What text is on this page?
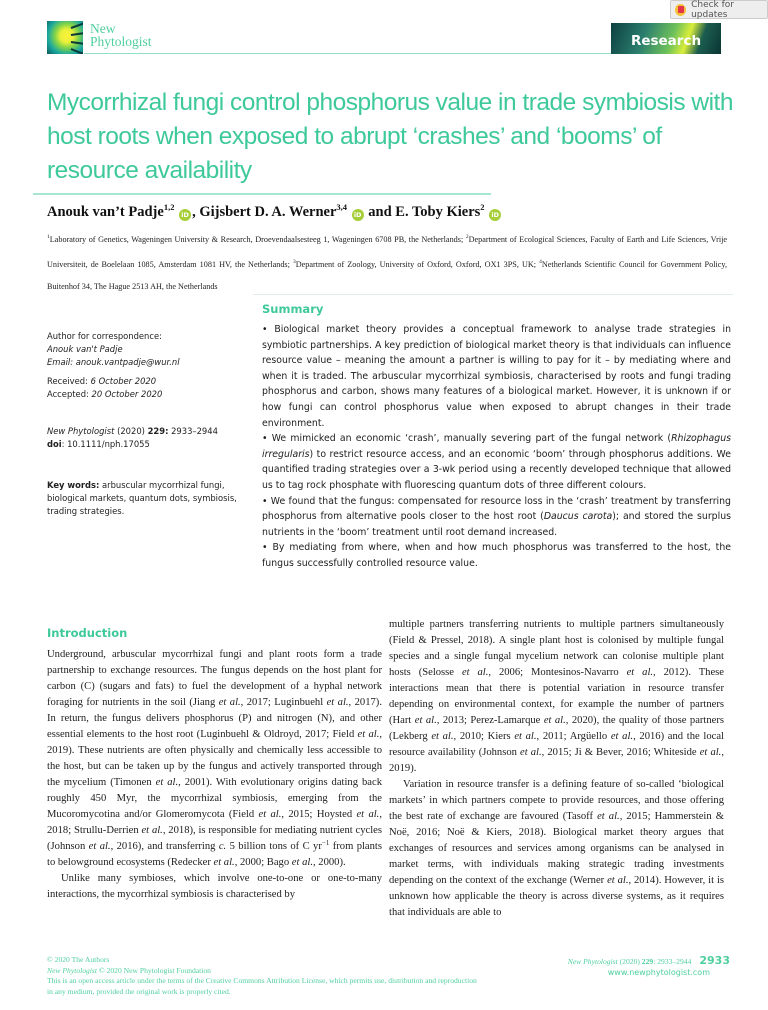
New
Phytologist	Research
Check for updates
Mycorrhizal fungi control phosphorus value in trade symbiosis with host roots when exposed to abrupt ‘crashes’ and ‘booms’ of resource availability
Anouk van’t Padje$^{1,2}$ iD , Gijsbert D. A. Werner$^{3,4}$ iD and E. Toby Kiers$^2$ iD
$^1$Laboratory of Genetics, Wageningen University & Research, Droevendaalsesteeg 1, Wageningen 6708 PB, the Netherlands; $^2$Department of Ecological Sciences, Faculty of Earth and Life Sciences, Vrije Universiteit, de Boelelaan 1085, Amsterdam 1081 HV, the Netherlands; $^3$Department of Zoology, University of Oxford, Oxford, OX1 3PS, UK; $^4$Netherlands Scientific Council for Government Policy, Buitenhof 34, The Hague 2513 AH, the Netherlands
Author for correspondence:
Anouk van't Padje
Email: anouk.vantpadje@wur.nl
Received: 6 October 2020
Accepted: 20 October 2020
New Phytologist (2020) 229: 2933–2944
doi: 10.1111/nph.17055
Key words: arbuscular mycorrhizal fungi, biological markets, quantum dots, symbiosis, trading strategies.
Summary

• Biological market theory provides a conceptual framework to analyse trade strategies in symbiotic partnerships. A key prediction of biological market theory is that individuals can influence resource value – meaning the amount a partner is willing to pay for it – by mediating where and when it is traded. The arbuscular mycorrhizal symbiosis, characterised by roots and fungi trading phosphorus and carbon, shows many features of a biological market. However, it is unknown if or how fungi can control phosphorus value when exposed to abrupt changes in their trade environment.

• We mimicked an economic ‘crash’, manually severing part of the fungal network (Rhizophagus irregularis) to restrict resource access, and an economic ‘boom’ through phosphorus additions. We quantified trading strategies over a 3-wk period using a recently developed technique that allowed us to tag rock phosphate with fluorescing quantum dots of three different colours.

• We found that the fungus: compensated for resource loss in the ‘crash’ treatment by transferring phosphorus from alternative pools closer to the host root (Daucus carota); and stored the surplus nutrients in the ‘boom’ treatment until root demand increased.

• By mediating from where, when and how much phosphorus was transferred to the host, the fungus successfully controlled resource value.

Introduction

Underground, arbuscular mycorrhizal fungi and plant roots form a trade partnership to exchange resources. The fungus depends on the host plant for carbon (C) (sugars and fats) to fuel the development of a hyphal network foraging for nutrients in the soil (Jiang et al., 2017; Luginbuehl et al., 2017). In return, the fungus delivers phosphorus (P) and nitrogen (N), and other essential elements to the host root (Luginbuehl & Oldroyd, 2017; Field et al., 2019). These nutrients are often physically and chemically less accessible to the host, but can be taken up by the fungus and actively transported through the mycelium (Timonen et al., 2001). With evolutionary origins dating back roughly 450 Myr, the mycorrhizal symbiosis, emerging from the Mucoromycotina and/or Glomeromycota (Field et al., 2015; Hoysted et al., 2018; Strullu-Derrien et al., 2018), is responsible for mediating nutrient cycles (Johnson et al., 2016), and transferring c. 5 billion tons of C $yr^{-1}$ from plants to belowground ecosystems (Redecker et al., 2000; Bago et al., 2000).

Unlike many symbioses, which involve one-to-one or one-to-many interactions, the mycorrhizal symbiosis is characterised by

multiple partners transferring nutrients to multiple partners simultaneously (Field & Pressel, 2018). A single plant host is colonised by multiple fungal species and a single fungal mycelium network can colonise multiple plant hosts (Selosse et al., 2006; Montesinos-Navarro et al., 2012). These interactions mean that there is potential variation in resource transfer depending on environmental context, for example the number of partners (Hart et al., 2013; Perez-Lamarque et al., 2020), the quality of those partners (Lekberg et al., 2010; Kiers et al., 2011; Argüello et al., 2016) and the local resource availability (Johnson et al., 2015; Ji & Bever, 2016; Whiteside et al., 2019).

Variation in resource transfer is a defining feature of so-called ‘biological markets’ in which partners compete to provide resources, and those offering the best rate of exchange are favoured (Tasoff et al., 2015; Hammerstein & Noë, 2016; Noë & Kiers, 2018). Biological market theory argues that exchanges of resources and services among organisms can be analysed in market terms, with individuals making strategic trading investments depending on the context of the exchange (Werner et al., 2014). However, it is unknown how applicable the theory is across diverse systems, as it requires that individuals are able to

© 2020 The Authors
New Phytologist © 2020 New Phytologist Foundation
This is an open access article under the terms of the Creative Commons Attribution License, which permits use, distribution and reproduction in any medium, provided the original work is properly cited.
New Phytologist (2020) 229: 2933–2944 2933
www.newphytologist.com
